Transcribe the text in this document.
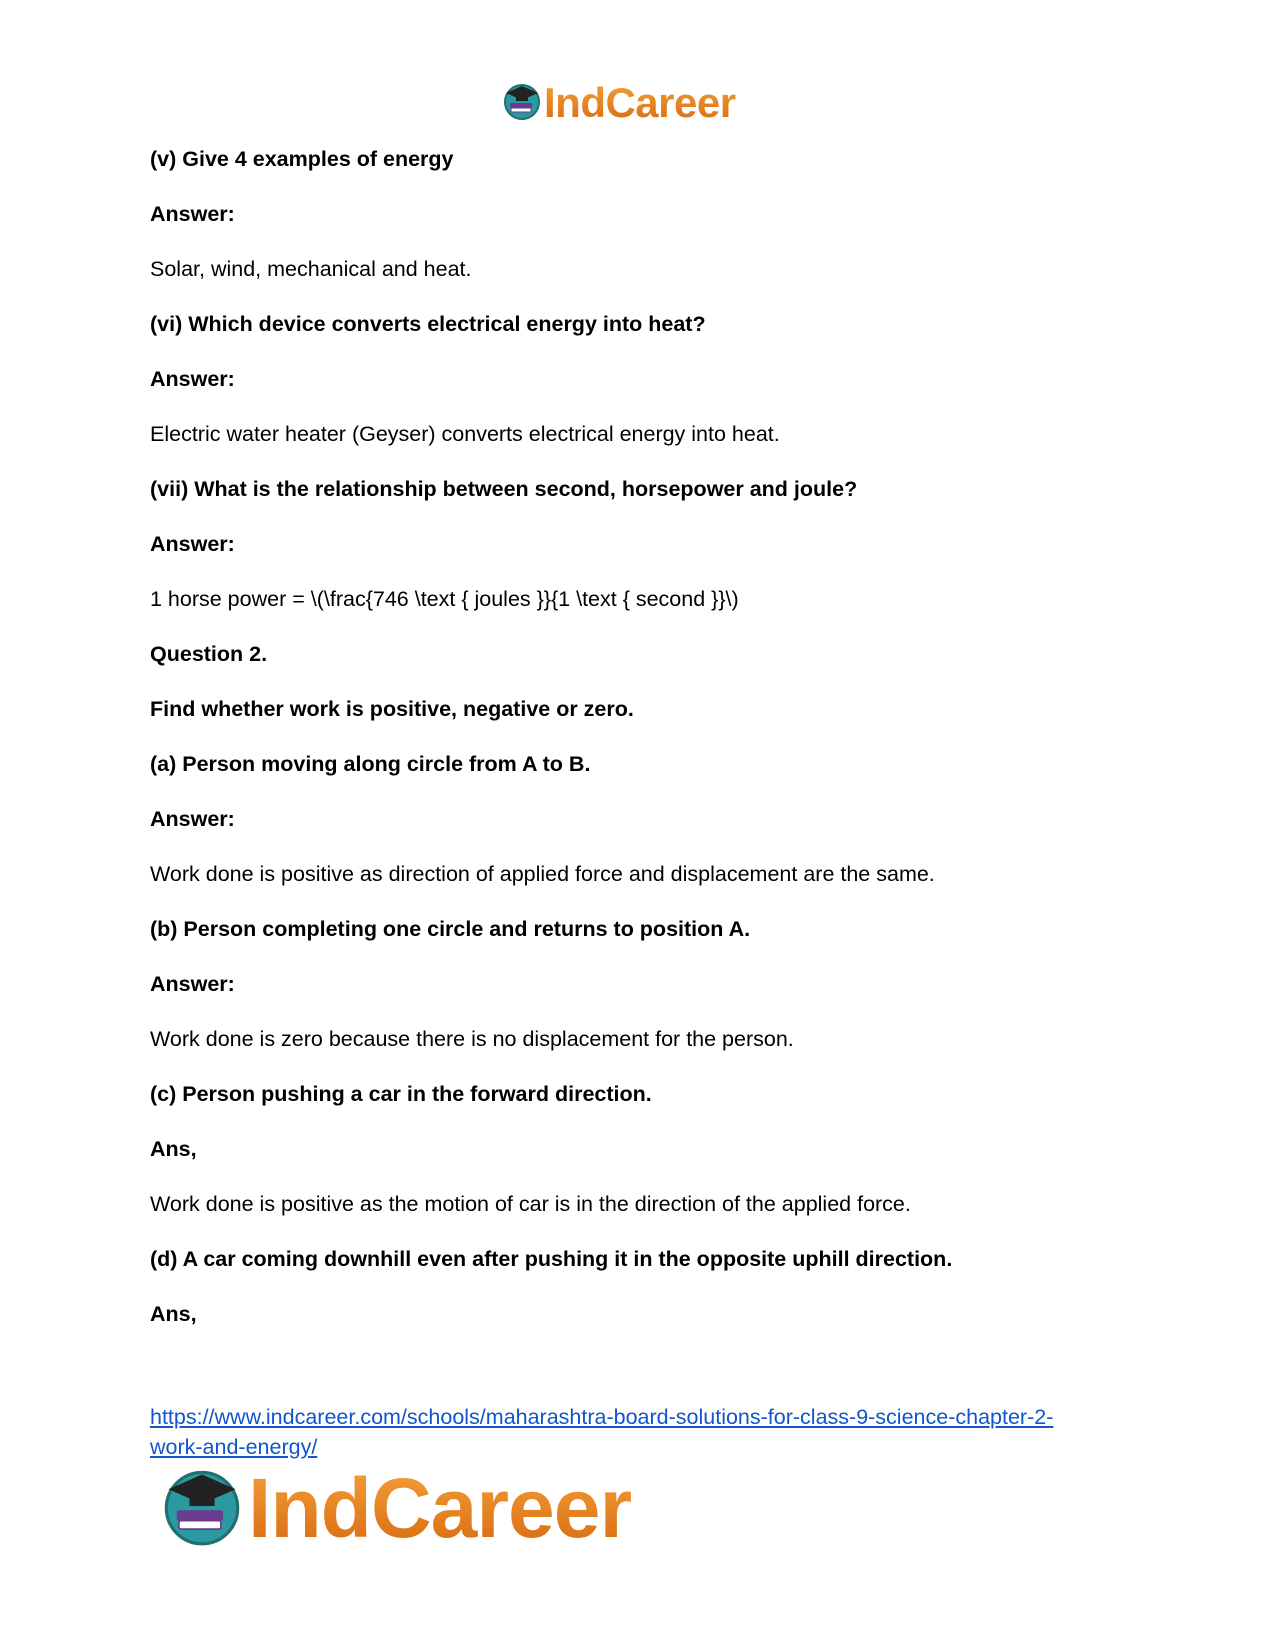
IndCareer

(v) Give 4 examples of energy

Answer:

Solar, wind, mechanical and heat.

(vi) Which device converts electrical energy into heat?

Answer:

Electric water heater (Geyser) converts electrical energy into heat.

(vii) What is the relationship between second, horsepower and joule?

Answer:

1 horse power = \(\frac{746 \text { joules }}{1 \text { second }}\)

Question 2.

Find whether work is positive, negative or zero.

(a) Person moving along circle from A to B.

Answer:

Work done is positive as direction of applied force and displacement are the same.

(b) Person completing one circle and returns to position A.

Answer:

Work done is zero because there is no displacement for the person.

(c) Person pushing a car in the forward direction.

Ans,

Work done is positive as the motion of car is in the direction of the applied force.

(d) A car coming downhill even after pushing it in the opposite uphill direction.

Ans,

https://www.indcareer.com/schools/maharashtra-board-solutions-for-class-9-science-chapter-2-
work-and-energy/
IndCareer
